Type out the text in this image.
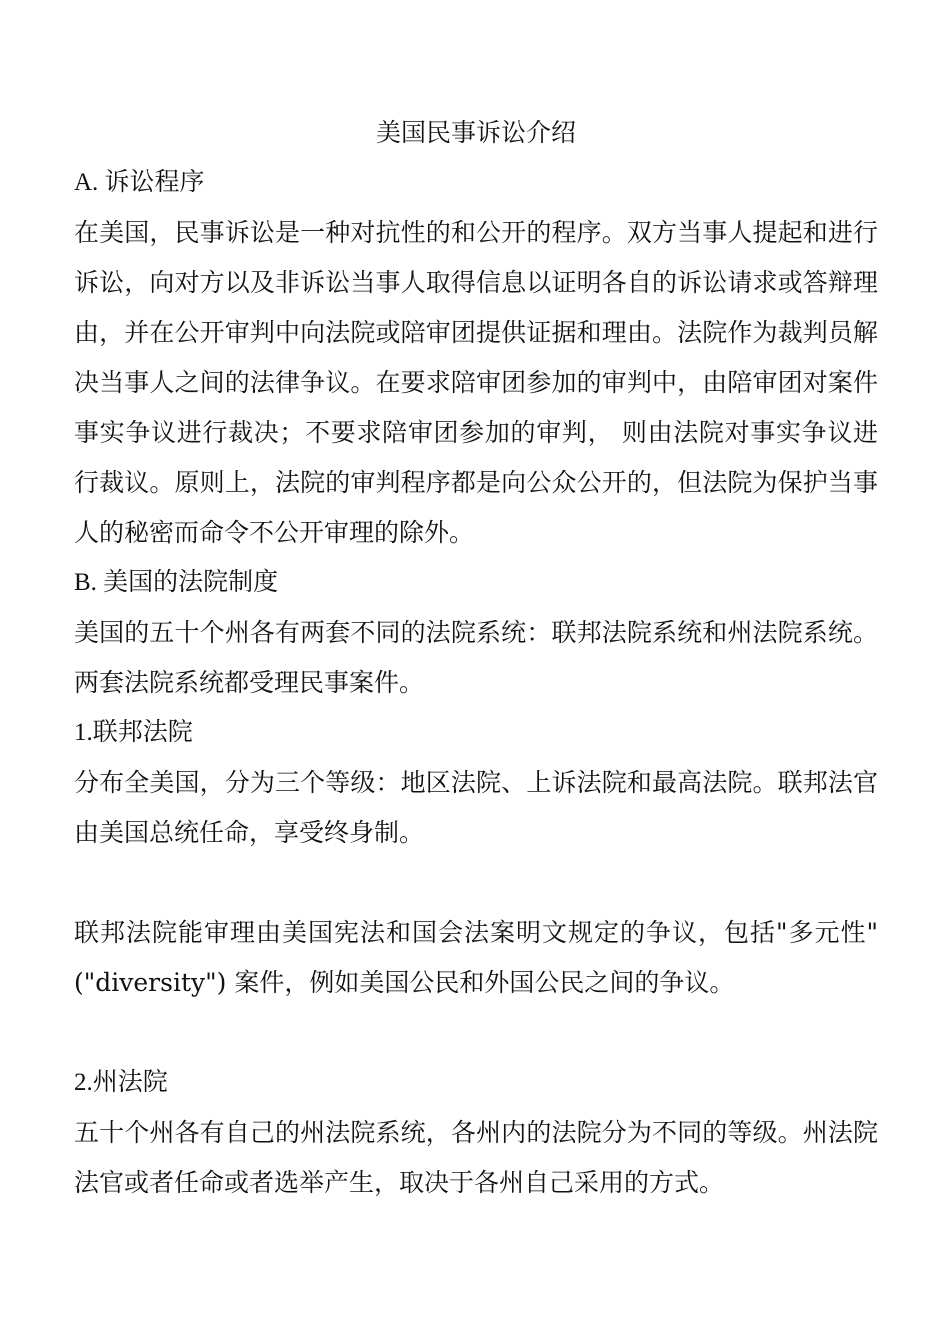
美国民事诉讼介绍

A. 诉讼程序

在美国，民事诉讼是一种对抗性的和公开的程序。双方当事人提起和进行诉讼，向对方以及非诉讼当事人取得信息以证明各自的诉讼请求或答辩理由，并在公开审判中向法院或陪审团提供证据和理由。法院作为裁判员解决当事人之间的法律争议。在要求陪审团参加的审判中，由陪审团对案件事实争议进行裁决；不要求陪审团参加的审判， 则由法院对事实争议进行裁议。原则上，法院的审判程序都是向公众公开的，但法院为保护当事人的秘密而命令不公开审理的除外。

B. 美国的法院制度

美国的五十个州各有两套不同的法院系统：联邦法院系统和州法院系统。两套法院系统都受理民事案件。

1.联邦法院

分布全美国，分为三个等级：地区法院、上诉法院和最高法院。联邦法官由美国总统任命，享受终身制。

联邦法院能审理由美国宪法和国会法案明文规定的争议，包括"多元性"("diversity") 案件，例如美国公民和外国公民之间的争议。

2.州法院

五十个州各有自己的州法院系统，各州内的法院分为不同的等级。州法院法官或者任命或者选举产生，取决于各州自己采用的方式。
